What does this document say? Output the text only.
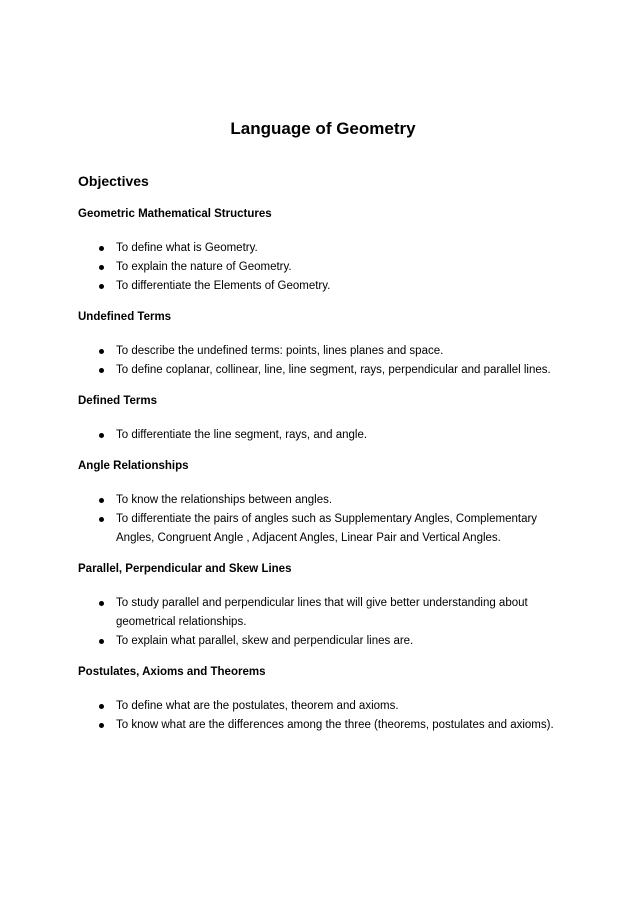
Language of Geometry
Objectives
Geometric Mathematical Structures
To define what is Geometry.
To explain the nature of Geometry.
To differentiate the Elements of Geometry.
Undefined Terms
To describe the undefined terms: points, lines planes and space.
To define coplanar, collinear, line, line segment, rays, perpendicular and parallel lines.
Defined Terms
To differentiate the line segment, rays, and angle.
Angle Relationships
To know the relationships between angles.
To differentiate the pairs of angles such as Supplementary Angles, Complementary Angles, Congruent Angle , Adjacent Angles, Linear Pair and Vertical Angles.
Parallel, Perpendicular and Skew Lines
To study parallel and perpendicular lines that will give better understanding about geometrical relationships.
To explain what parallel, skew and perpendicular lines are.
Postulates, Axioms and Theorems
To define what are the postulates, theorem and axioms.
To know what are the differences among the three (theorems, postulates and axioms).
